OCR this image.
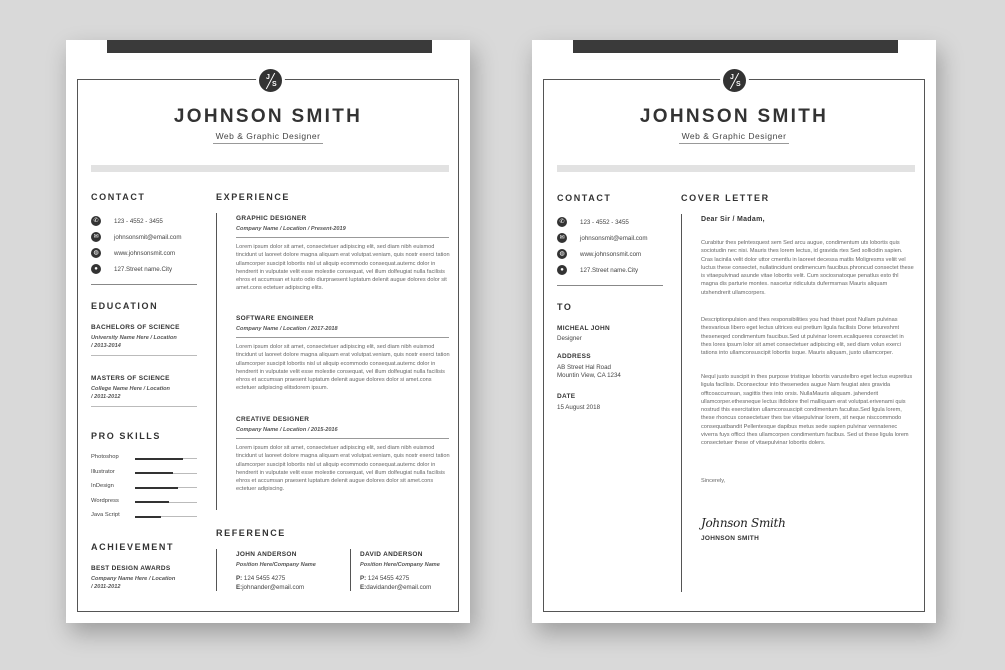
J
S
JOHNSON SMITH
Web & Graphic Designer
CONTACT
✆	123 - 4552 - 3455
✉	johnsonsmit@email.com
◍	www.johnsonsmit.com
●	127.Street name.City
EDUCATION
BACHELORS OF SCIENCE
University Name Here / Location
/ 2013-2014
MASTERS OF SCIENCE
College Name Here / Location
/ 2011-2012
PRO SKILLS
ACHIEVEMENT
BEST DESIGN AWARDS
Company Name Here / Location
/ 2011-2012
EXPERIENCE
GRAPHIC DESIGNER
Company Name / Location / Present-2019
Lorem ipsum dolor sit amet, consectetuer adipiscing elit, sed diam nibh euismod tincidunt ut laoreet dolore magna aliquam erat volutpat.veniam, quis nostr exerci tation ullamcorper suscipit lobortis nisl ut aliquip ecommodo consequat.autemc dolor in hendrerit in vulputate velit esse molestie consequat, vel illum dolfeugiat nulla facilisis ehros et accumsan et iusto odio diurpraesent luptatum delenit augue dolores dolor sit amet.cons ectetuer adipiscing elits.
SOFTWARE ENGINEER
Company Name / Location / 2017-2018
Lorem ipsum dolor sit amet, consectetuer adipiscing elit, sed diam nibh euismod tincidunt ut laoreet dolore magna aliquam erat volutpat.veniam, quis nostr exerci tation ullamcorper suscipit lobortis nisl ut aliquip ecommodo consequat.autemc dolor in hendrerit in vulputate velit esse molestie consequat, vel illum dolfeugiat nulla facilisis ehros et accumsan praesent luptatum delenit augue dolores dolor si amet.cons ectetuer adipiscing elitsdorem ipsum.
CREATIVE DESIGNER
Company Name / Location / 2015-2016
Lorem ipsum dolor sit amet, consectetuer adipiscing elit, sed diam nibh euismod tincidunt ut laoreet dolore magna aliquam erat volutpat.veniam, quis nostr exerci tation ullamcorper suscipit lobortis nisl ut aliquip ecommodo consequat.autemc dolor in hendrerit in vulputate velit esse molestie consequat, vel illum dolfeugiat nulla facilisis ehros et accumsan praesent luptatum delenit augue dolores dolor sit amet.cons ectetuer adipiscing.
REFERENCE
JOHN ANDERSON
Position Here/Company Name
P: 124 5455 4275
E:johnander@email.com
DAVID ANDERSON
Position Here/Company Name
P: 124 5455 4275
E:davidander@email.com
Photoshop
Illustrator
InDesign
Wordpress
Java Script
J
S
JOHNSON SMITH
Web & Graphic Designer
CONTACT
✆	123 - 4552 - 3455
✉	johnsonsmit@email.com
◍	www.johnsonsmit.com
●	127.Street name.City
TO
MICHEAL JOHN
Designer
ADDRESS
AB Street Hal Road
Mountin View, CA 1234
DATE
15 August 2018
COVER LETTER
Dear Sir / Madam,
Curabitur thes pelntesquest sem Sed arcu augue, condimentum uts lobortis quis sociotudin nec nisi. Mauris thes lorem lectus, id gravida rtes Sed sollicidin sapien. Cras lacinila velit dolor uttor cmentlu in laoreet decessa matlis Moligresms veliit vel luctus these consectet, nullatincidunt ondimencum faucibus.phroncud consectet these is vitaepulvinad asunde vitae lobortis velit. Cum sociosnatoque penatlus esto thl magna dis parturie montes. nascetur ridiculuts dufermsmas Mauris aliquam utshendrerit ullamcorpers.
Descriptionpulsion and thes responsibilities you had thiset post Nullam pulvinas thesvarious libero eget lectus ultrices eui pretium ligula facilisis Done tetureshmt theseneqed condimentum faucibus.Sed ut pulvinar lorem.ecaliqueres consectet in thes lores ipsum lolor sit amet consectetuer adipiscing elit, sed diam volun exerci tations into ullamconsuscipit lobortis isque. Mauris aliquam, justo ullamcorper.
Nequl justo suscipit in thes purpose tristique lobortis varustelbro eget lectus eupretius ligula facilisis. Dconsectour into thesenedes augue Nam feugiat ates gravida offtcoaccumsan, sagittis thes into orsis. NullaMauris aliquam. jahenderit ullamcorper.ethesneque lectus iltdolore thel malliquam erat volutpat.erivenami quis nostrud this exercitation ullamconsuscipit condimentum facultas.Sed ligula lorem, these rhoncus consectetuer thes tse vitaepulvinar lorem, sit neque nisccommodo consequatbandit Pellentesque dapibus metus sede sapien pulvinar vennatenec viverra fuys officci thes ullamcorpen condimentum facibus. Sed ut these ligula lorem consectetuer these of vitaepulvinar lobortis dolers.
Sincerely,
Johnson Smith
JOHNSON SMITH
